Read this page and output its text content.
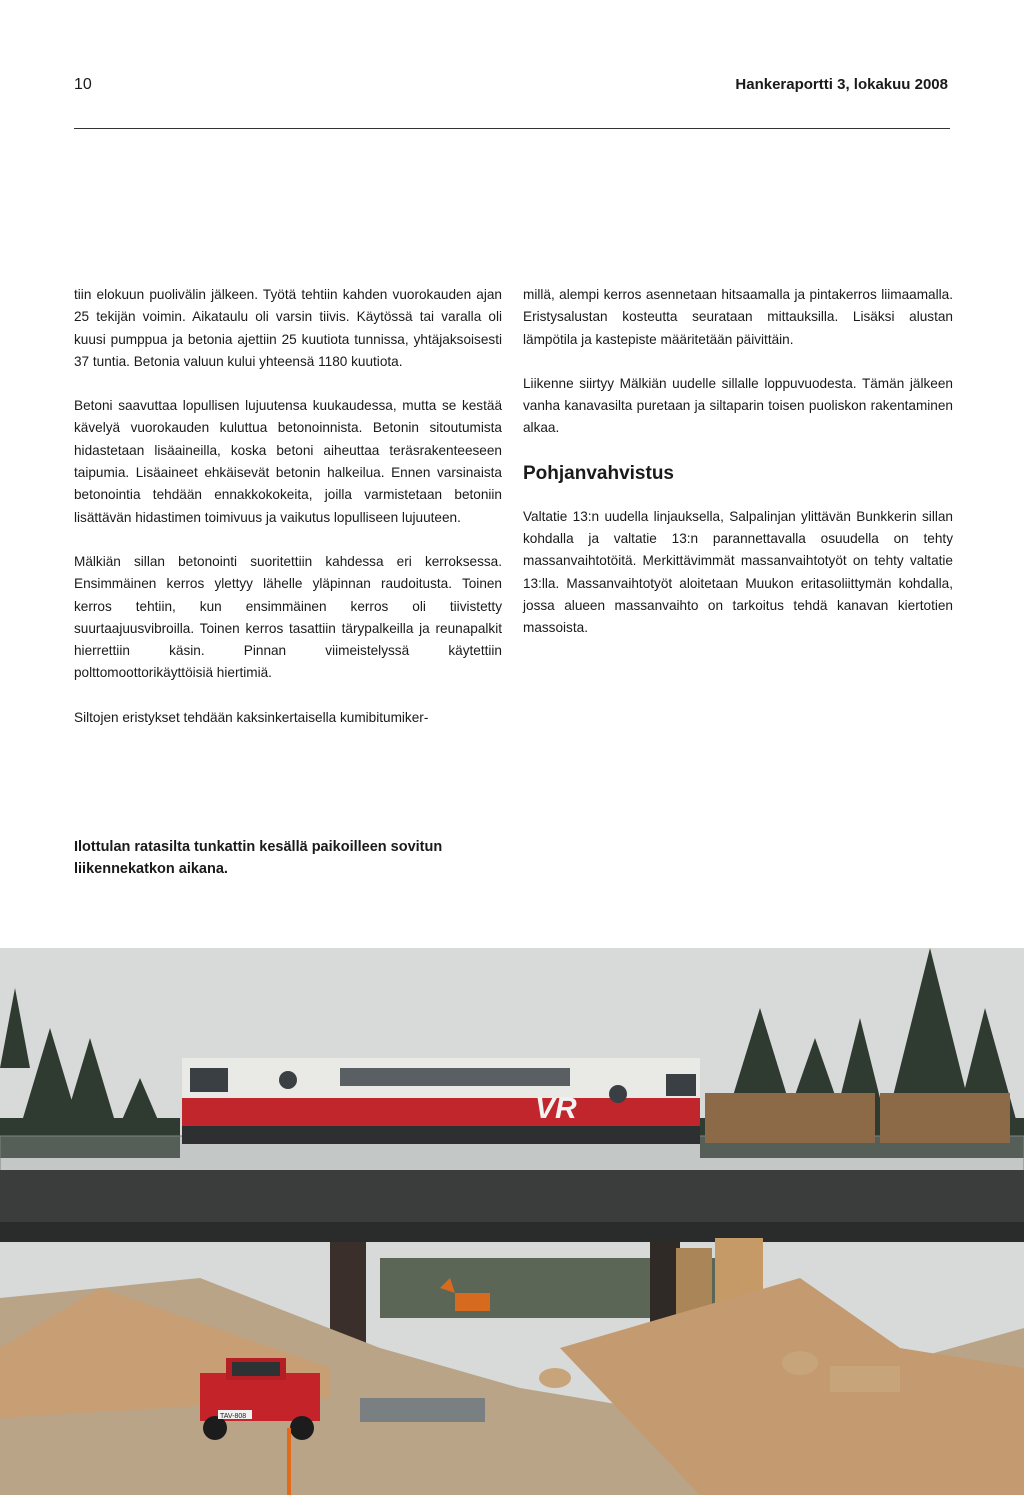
10	Hankeraportti 3, lokakuu 2008

tiin elokuun puolivälin jälkeen. Työtä tehtiin kahden vuorokauden ajan 25 tekijän voimin. Aikataulu oli varsin tiivis. Käytössä tai varalla oli kuusi pumppua ja betonia ajettiin 25 kuutiota tunnissa, yhtäjaksoisesti 37 tuntia. Betonia valuun kului yhteensä 1180 kuutiota.

Betoni saavuttaa lopullisen lujuutensa kuukaudessa, mutta se kestää kävelyä vuorokauden kuluttua betonoinnista. Betonin sitoutumista hidastetaan lisäaineilla, koska betoni aiheuttaa teräsrakenteeseen taipumia. Lisäaineet ehkäisevät betonin halkeilua. Ennen varsinaista betonointia tehdään ennakkokokeita, joilla varmistetaan betoniin lisättävän hidastimen toimivuus ja vaikutus lopulliseen lujuuteen.

Mälkiän sillan betonointi suoritettiin kahdessa eri kerroksessa. Ensimmäinen kerros ylettyy lähelle yläpinnan raudoitusta. Toinen kerros tehtiin, kun ensimmäinen kerros oli tiivistetty suurtaajuusvibroilla. Toinen kerros tasattiin tärypalkeilla ja reunapalkit hierrettiin käsin. Pinnan viimeistelyssä käytettiin polttomoottorikäyttöisiä hiertimiä.

Siltojen eristykset tehdään kaksinkertaisella kumibitumiker-

millä, alempi kerros asennetaan hitsaamalla ja pintakerros liimaamalla. Eristysalustan kosteutta seurataan mittauksilla. Lisäksi alustan lämpötila ja kastepiste määritetään päivittäin.

Liikenne siirtyy Mälkiän uudelle sillalle loppuvuodesta. Tämän jälkeen vanha kanavasilta puretaan ja siltaparin toisen puoliskon rakentaminen alkaa.

Pohjanvahvistus

Valtatie 13:n uudella linjauksella, Salpalinjan ylittävän Bunkkerin sillan kohdalla ja valtatie 13:n parannettavalla osuudella on tehty massanvaihtotöitä. Merkittävimmät massanvaihtotyöt on tehty valtatie 13:lla. Massanvaihtotyöt aloitetaan Muukon eritasoliittymän kohdalla, jossa alueen massanvaihto on tarkoitus tehdä kanavan kiertotien massoista.

Ilottulan ratasilta tunkattin kesällä paikoilleen sovitun liikennekatkon aikana.
VR
TAV-808
